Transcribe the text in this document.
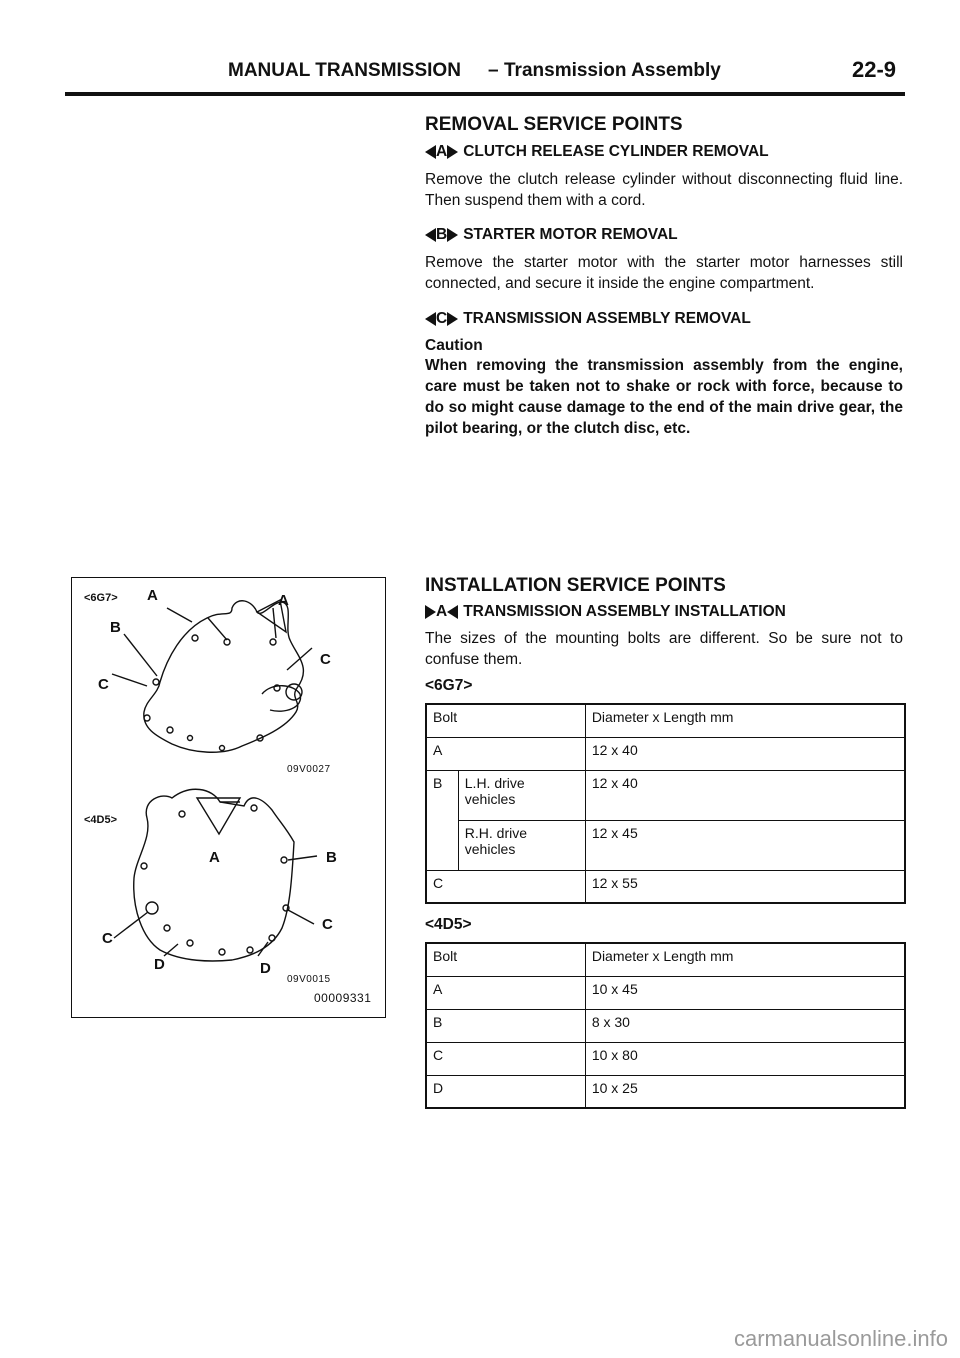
MANUAL TRANSMISSION – Transmission Assembly	22-9
REMOVAL SERVICE POINTS
A CLUTCH RELEASE CYLINDER REMOVAL
Remove the clutch release cylinder without disconnecting fluid line. Then suspend them with a cord.
B STARTER MOTOR REMOVAL
Remove the starter motor with the starter motor harnesses still connected, and secure it inside the engine compartment.
C TRANSMISSION ASSEMBLY REMOVAL
Caution
When removing the transmission assembly from the engine, care must be taken not to shake or rock with force, because to do so might cause damage to the end of the main drive gear, the pilot bearing, or the clutch disc, etc.
INSTALLATION SERVICE POINTS
A TRANSMISSION ASSEMBLY INSTALLATION
The sizes of the mounting bolts are different. So be sure not to confuse them.
<6G7>
Bolt		Diameter x Length mm
A		12 x 40
B	L.H. drive vehicles	12 x 40
	R.H. drive vehicles	12 x 45
C		12 x 55
<4D5>
Bolt	Diameter x Length mm
A	10 x 45
B	8 x 30
C	10 x 80
D	10 x 25
<6G7> A	A
B
C
C
09V0027
<4D5>
A	B
C
C
D	D
09V0015
00009331
carmanualsonline.info
